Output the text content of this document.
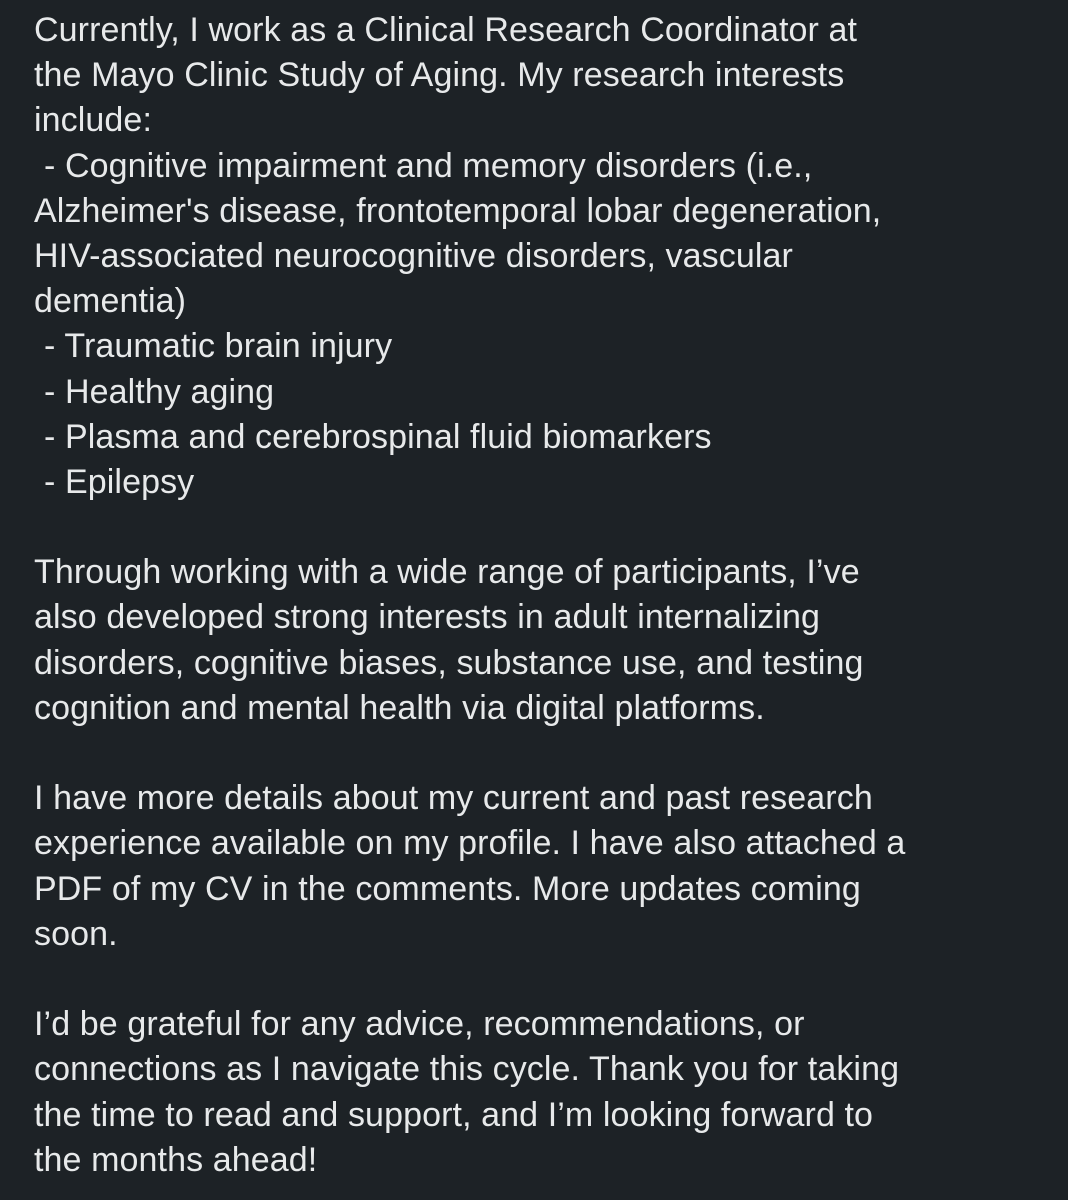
Currently, I work as a Clinical Research Coordinator at
the Mayo Clinic Study of Aging. My research interests
include:
- Cognitive impairment and memory disorders (i.e.,
Alzheimer's disease, frontotemporal lobar degeneration,
HIV-associated neurocognitive disorders, vascular
dementia)
- Traumatic brain injury
- Healthy aging
- Plasma and cerebrospinal fluid biomarkers
- Epilepsy
Through working with a wide range of participants, I’ve
also developed strong interests in adult internalizing
disorders, cognitive biases, substance use, and testing
cognition and mental health via digital platforms.
I have more details about my current and past research
experience available on my profile. I have also attached a
PDF of my CV in the comments. More updates coming
soon.
I’d be grateful for any advice, recommendations, or
connections as I navigate this cycle. Thank you for taking
the time to read and support, and I’m looking forward to
the months ahead!
